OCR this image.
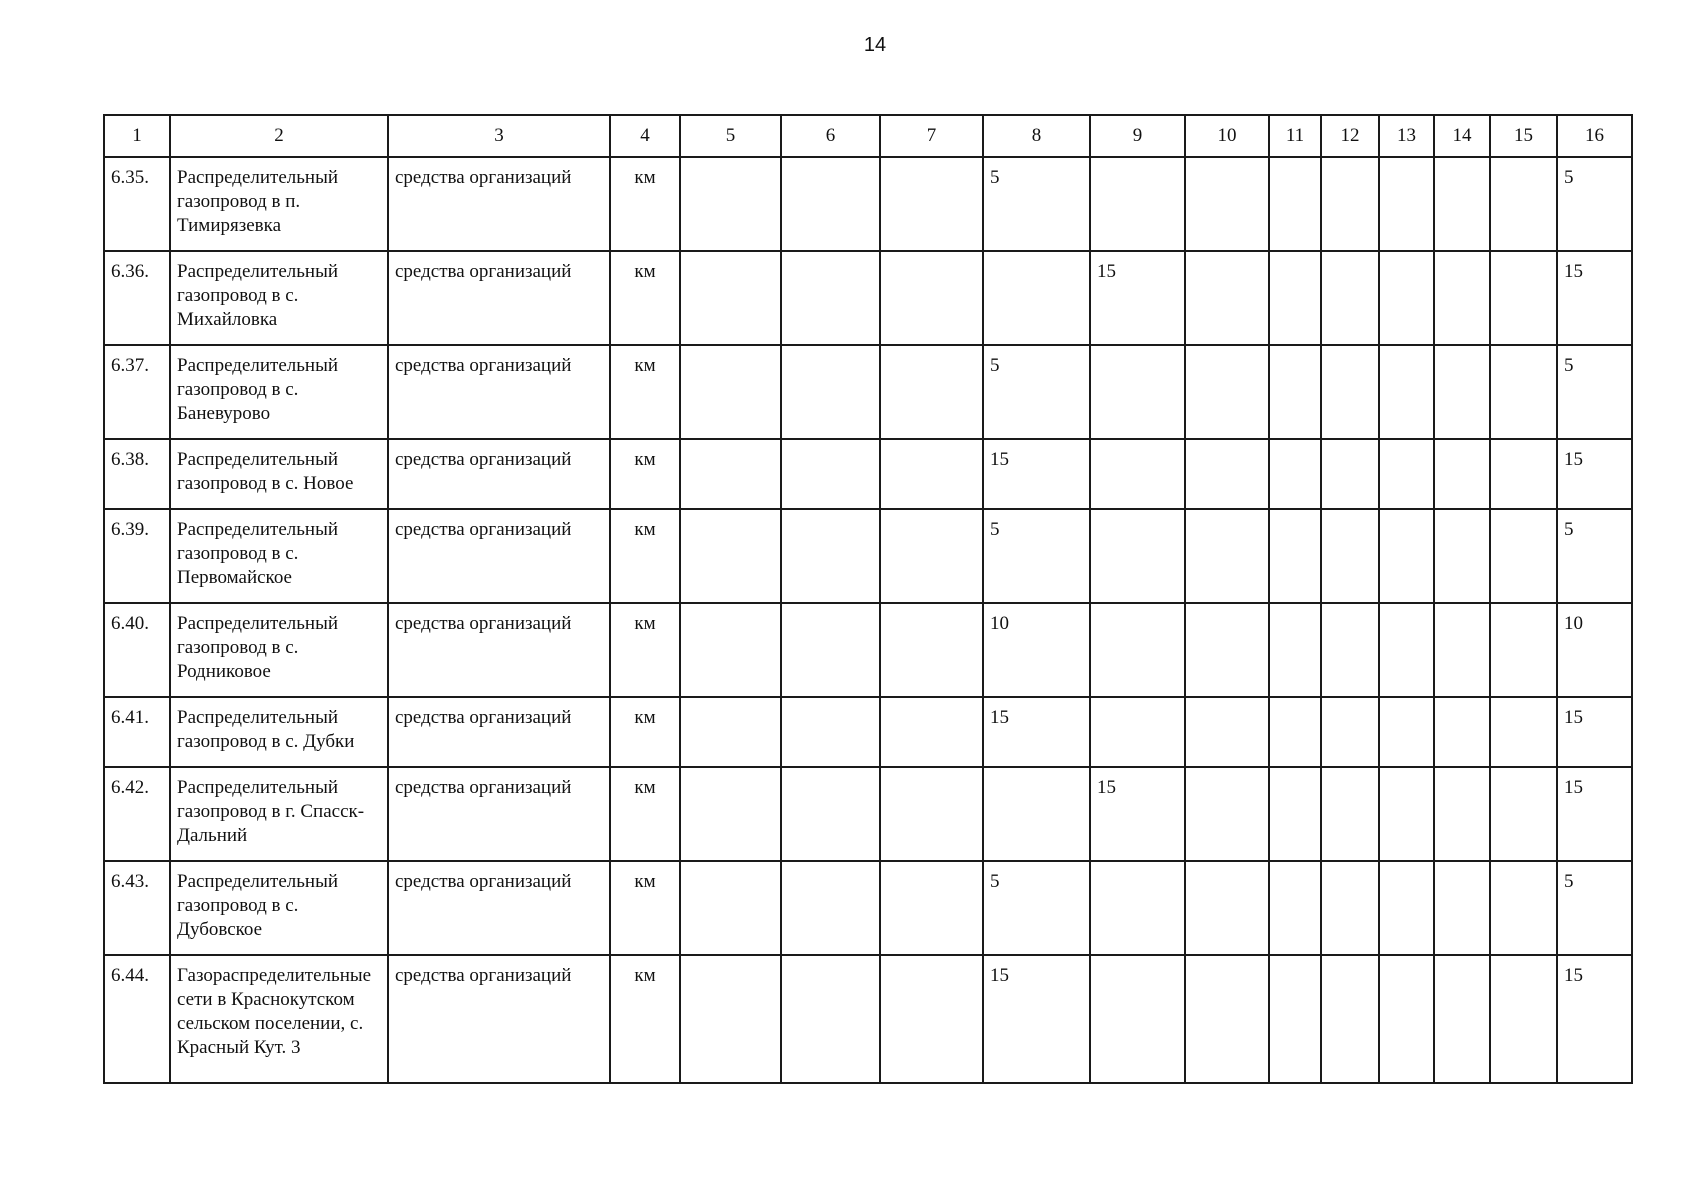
14
1	2	3	4	5	6	7	8	9	10	11	12	13	14	15	16
6.35.	Распределительный газопровод в п. Тимирязевка	средства организаций	км				5								5
6.36.	Распределительный газопровод в с. Михайловка	средства организаций	км					15							15
6.37.	Распределительный газопровод в с. Баневурово	средства организаций	км				5								5
6.38.	Распределительный газопровод в с. Новое	средства организаций	км				15								15
6.39.	Распределительный газопровод в с. Первомайское	средства организаций	км				5								5
6.40.	Распределительный газопровод в с. Родниковое	средства организаций	км				10								10
6.41.	Распределительный газопровод в с. Дубки	средства организаций	км				15								15
6.42.	Распределительный газопровод в г. Спасск-Дальний	средства организаций	км					15							15
6.43.	Распределительный газопровод в с. Дубовское	средства организаций	км				5								5
6.44.	Газораспределительные сети в Краснокутском сельском поселении, с. Красный Кут. 3	средства организаций	км				15								15
